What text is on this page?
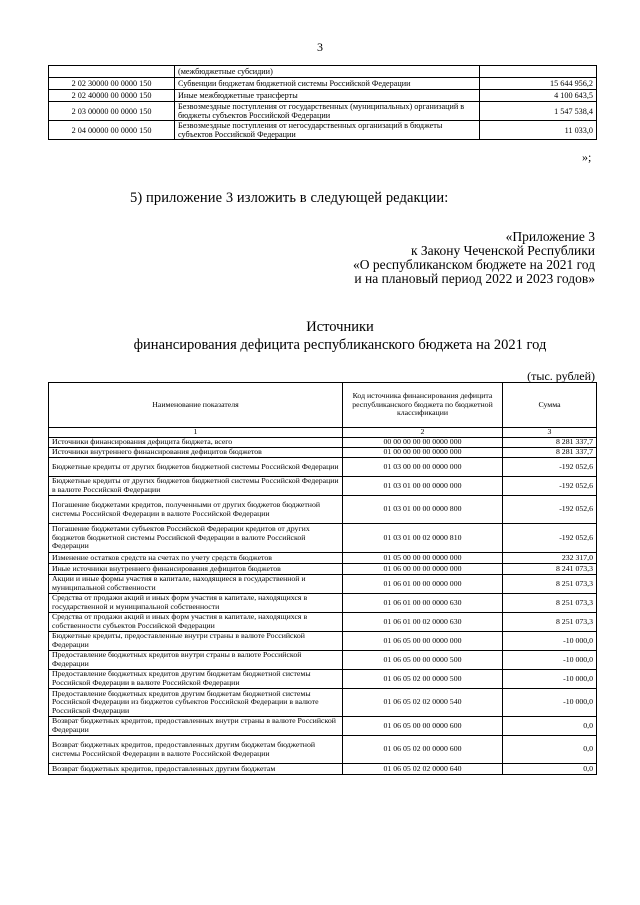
3
	(межбюджетные субсидии)	
2 02 30000 00 0000 150	Субвенции бюджетам бюджетной системы Российской Федерации	15 644 956,2
2 02 40000 00 0000 150	Иные межбюджетные трансферты	4 100 643,5
2 03 00000 00 0000 150	Безвозмездные поступления от государственных (муниципальных) организаций в бюджеты субъектов Российской Федерации	1 547 538,4
2 04 00000 00 0000 150	Безвозмездные поступления от негосударственных организаций в бюджеты субъектов Российской Федерации	11 033,0
»;
5) приложение 3 изложить в следующей редакции:
«Приложение 3
к Закону Чеченской Республики
«О республиканском бюджете на 2021 год
и на плановый период 2022 и 2023 годов»
Источники
финансирования дефицита республиканского бюджета на 2021 год
(тыс. рублей)
Наименование показателя	Код источника финансирования дефицита республиканского бюджета по бюджетной классификации	Сумма
1	2	3
Источники финансирования дефицита бюджета, всего	00 00 00 00 00 0000 000	8 281 337,7
Источники внутреннего финансирования дефицитов бюджетов	01 00 00 00 00 0000 000	8 281 337,7
Бюджетные кредиты от других бюджетов бюджетной системы Российской Федерации	01 03 00 00 00 0000 000	-192 052,6
Бюджетные кредиты от других бюджетов бюджетной системы Российской Федерации в валюте Российской Федерации	01 03 01 00 00 0000 000	-192 052,6
Погашение бюджетами кредитов, полученными от других бюджетов бюджетной системы Российской Федерации в валюте Российской Федерации	01 03 01 00 00 0000 800	-192 052,6
Погашение бюджетами субъектов Российской Федерации кредитов от других бюджетов бюджетной системы Российской Федерации в валюте Российской Федерации	01 03 01 00 02 0000 810	-192 052,6
Изменение остатков средств на счетах по учету средств бюджетов	01 05 00 00 00 0000 000	232 317,0
Иные источники внутреннего финансирования дефицитов бюджетов	01 06 00 00 00 0000 000	8 241 073,3
Акции и иные формы участия в капитале, находящиеся в государственной и муниципальной собственности	01 06 01 00 00 0000 000	8 251 073,3
Средства от продажи акций и иных форм участия в капитале, находящихся в государственной и муниципальной собственности	01 06 01 00 00 0000 630	8 251 073,3
Средства от продажи акций и иных форм участия в капитале, находящихся в собственности субъектов Российской Федерации	01 06 01 00 02 0000 630	8 251 073,3
Бюджетные кредиты, предоставленные внутри страны в валюте Российской Федерации	01 06 05 00 00 0000 000	-10 000,0
Предоставление бюджетных кредитов внутри страны в валюте Российской Федерации	01 06 05 00 00 0000 500	-10 000,0
Предоставление бюджетных кредитов другим бюджетам бюджетной системы Российской Федерации в валюте Российской Федерации	01 06 05 02 00 0000 500	-10 000,0
Предоставление бюджетных кредитов другим бюджетам бюджетной системы Российской Федерации из бюджетов субъектов Российской Федерации в валюте Российской Федерации	01 06 05 02 02 0000 540	-10 000,0
Возврат бюджетных кредитов, предоставленных внутри страны в валюте Российской Федерации	01 06 05 00 00 0000 600	0,0
Возврат бюджетных кредитов, предоставленных другим бюджетам бюджетной системы Российской Федерации в валюте Российской Федерации	01 06 05 02 00 0000 600	0,0
Возврат бюджетных кредитов, предоставленных другим бюджетам	01 06 05 02 02 0000 640	0,0
